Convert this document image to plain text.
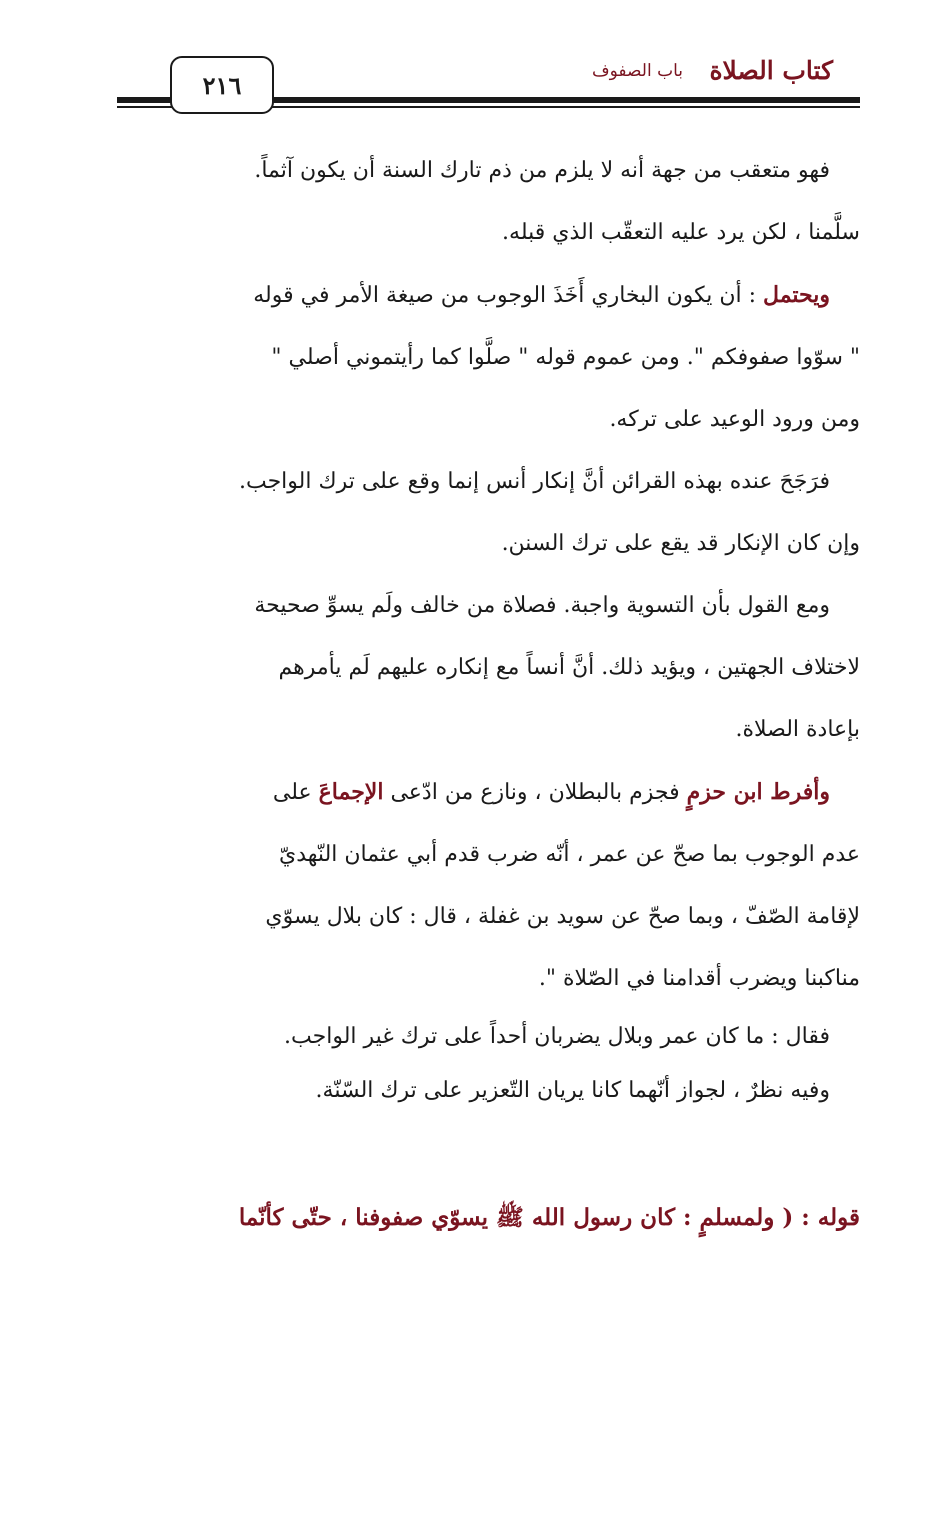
٢١٦	كتاب الصلاة
باب الصفوف

فهو متعقب من جهة أنه لا يلزم من ذم تارك السنة أن يكون آثماً.

سلَّمنا ، لكن يرد عليه التعقّب الذي قبله.

ويحتمل : أن يكون البخاري أَخَذَ الوجوب من صيغة الأمر في قوله

" سوّوا صفوفكم ". ومن عموم قوله " صلَّوا كما رأيتموني أصلي "

ومن ورود الوعيد على تركه.

فرَجَحَ عنده بهذه القرائن أنَّ إنكار أنس إنما وقع على ترك الواجب.

وإن كان الإنكار قد يقع على ترك السنن.

ومع القول بأن التسوية واجبة. فصلاة من خالف ولَم يسوِّ صحيحة

لاختلاف الجهتين ، ويؤيد ذلك. أنَّ أنساً مع إنكاره عليهم لَم يأمرهم

بإعادة الصلاة.

وأفرط ابن حزمٍ فجزم بالبطلان ، ونازع من ادّعى الإجماعَ على

عدم الوجوب بما صحّ عن عمر ، أنّه ضرب قدم أبي عثمان النّهديّ

لإقامة الصّفّ ، وبما صحّ عن سويد بن غفلة ، قال : كان بلال يسوّي

مناكبنا ويضرب أقدامنا في الصّلاة ".

فقال : ما كان عمر وبلال يضربان أحداً على ترك غير الواجب.

وفيه نظرٌ ، لجواز أنّهما كانا يريان التّعزير على ترك السّنّة.

قوله : ( ولمسلمٍ : كان رسول الله ﷺ يسوّي صفوفنا ، حتّى كأنّما
